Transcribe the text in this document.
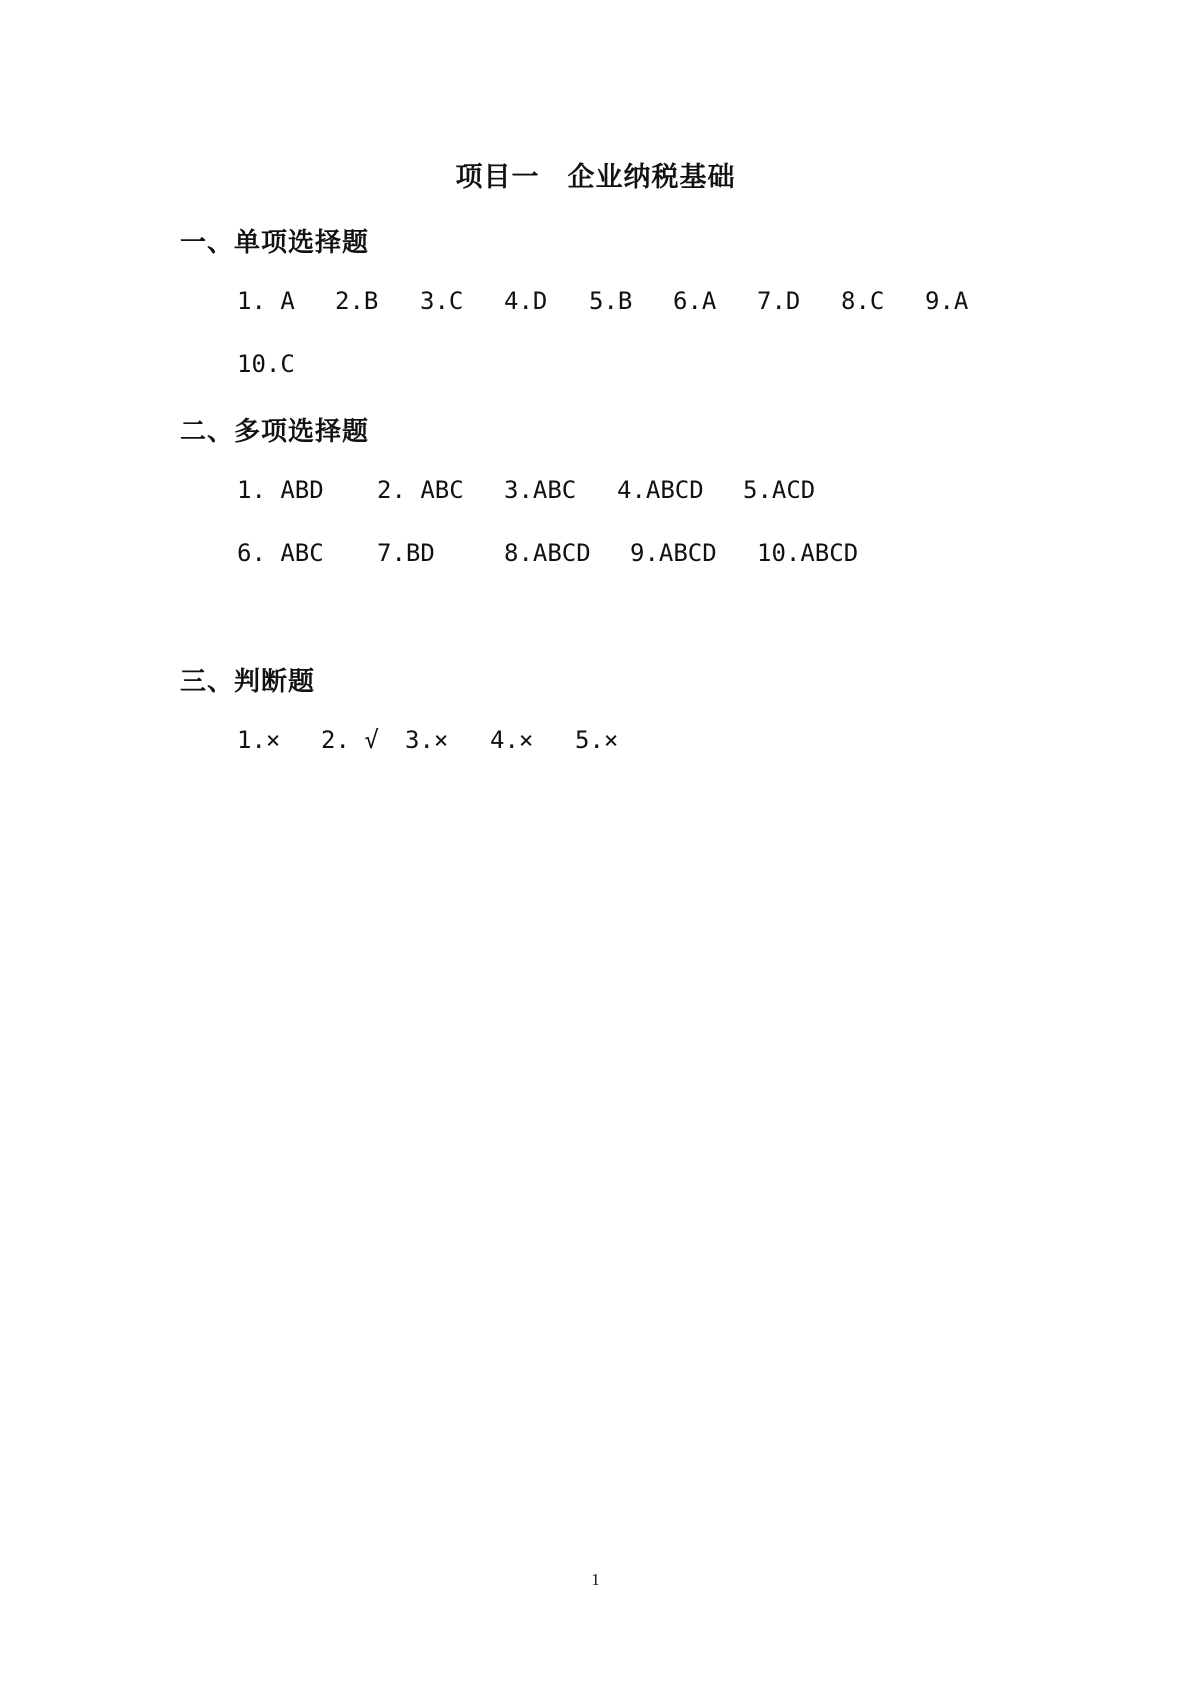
项目一　企业纳税基础
一、单项选择题
1. A 2.B 3.C 4.D 5.B 6.A 7.D 8.C 9.A
10.C
二、多项选择题
1. ABD 2. ABC 3.ABC 4.ABCD 5.ACD
6. ABC 7.BD	8.ABCD 9.ABCD 10.ABCD
三、判断题
1.× 2. √ 3.× 4.× 5.×
1
